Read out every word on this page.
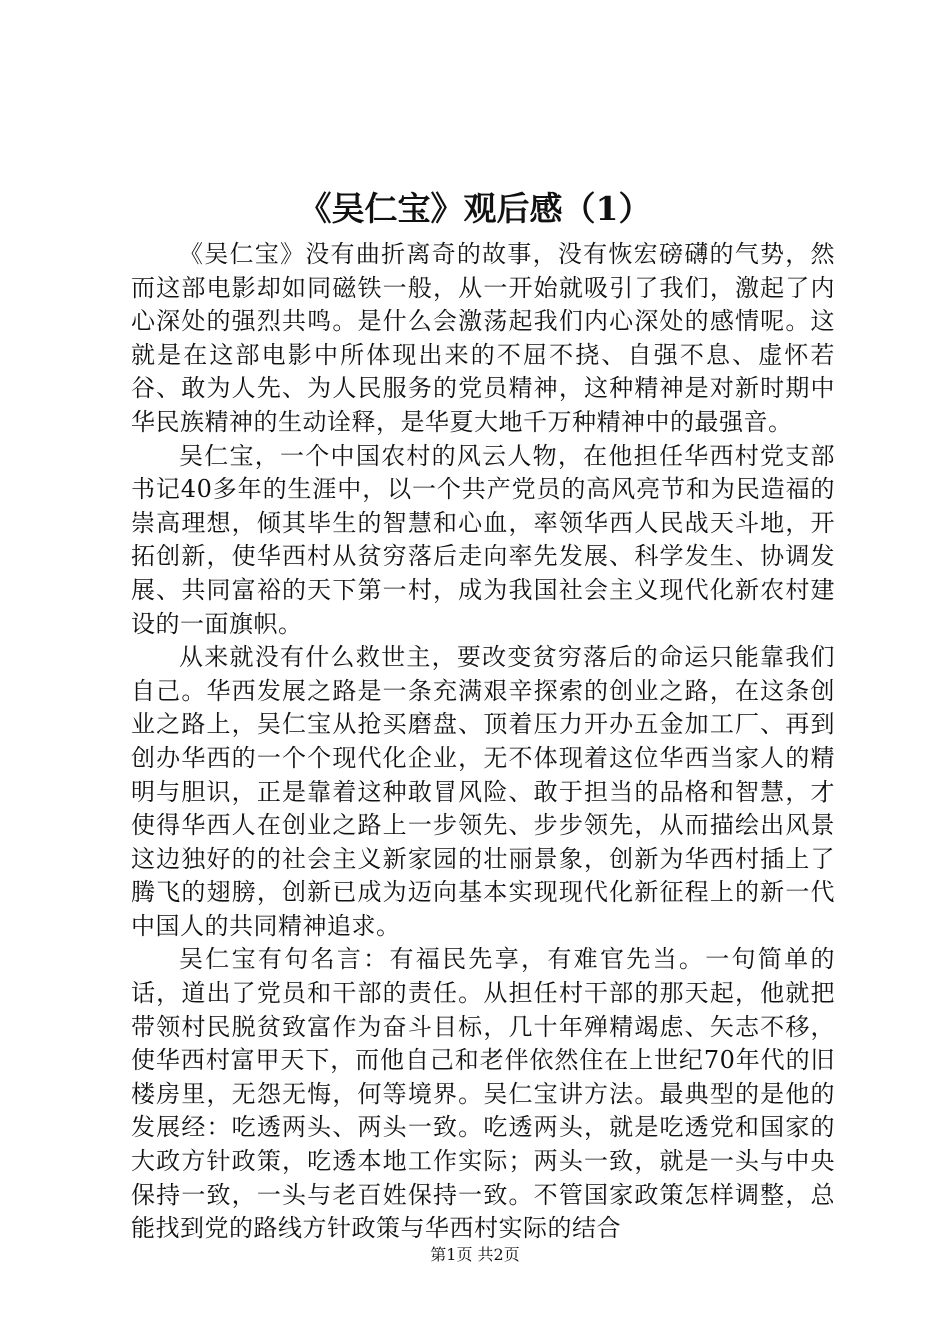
《吴仁宝》观后感（1）

《吴仁宝》没有曲折离奇的故事，没有恢宏磅礴的气势，然而这部电影却如同磁铁一般，从一开始就吸引了我们，激起了内心深处的强烈共鸣。是什么会激荡起我们内心深处的感情呢。这就是在这部电影中所体现出来的不屈不挠、自强不息、虚怀若谷、敢为人先、为人民服务的党员精神，这种精神是对新时期中华民族精神的生动诠释，是华夏大地千万种精神中的最强音。

吴仁宝，一个中国农村的风云人物，在他担任华西村党支部书记40多年的生涯中，以一个共产党员的高风亮节和为民造福的崇高理想，倾其毕生的智慧和心血，率领华西人民战天斗地，开拓创新，使华西村从贫穷落后走向率先发展、科学发生、协调发展、共同富裕的天下第一村，成为我国社会主义现代化新农村建设的一面旗帜。

从来就没有什么救世主，要改变贫穷落后的命运只能靠我们自己。华西发展之路是一条充满艰辛探索的创业之路，在这条创业之路上，吴仁宝从抢买磨盘、顶着压力开办五金加工厂、再到创办华西的一个个现代化企业，无不体现着这位华西当家人的精明与胆识，正是靠着这种敢冒风险、敢于担当的品格和智慧，才使得华西人在创业之路上一步领先、步步领先，从而描绘出风景这边独好的的社会主义新家园的壮丽景象，创新为华西村插上了腾飞的翅膀，创新已成为迈向基本实现现代化新征程上的新一代中国人的共同精神追求。

吴仁宝有句名言：有福民先享，有难官先当。一句简单的话，道出了党员和干部的责任。从担任村干部的那天起，他就把带领村民脱贫致富作为奋斗目标，几十年殚精竭虑、矢志不移，使华西村富甲天下，而他自己和老伴依然住在上世纪70年代的旧楼房里，无怨无悔，何等境界。吴仁宝讲方法。最典型的是他的发展经：吃透两头、两头一致。吃透两头，就是吃透党和国家的大政方针政策，吃透本地工作实际；两头一致，就是一头与中央保持一致，一头与老百姓保持一致。不管国家政策怎样调整，总能找到党的路线方针政策与华西村实际的结合

第1页 共2页
